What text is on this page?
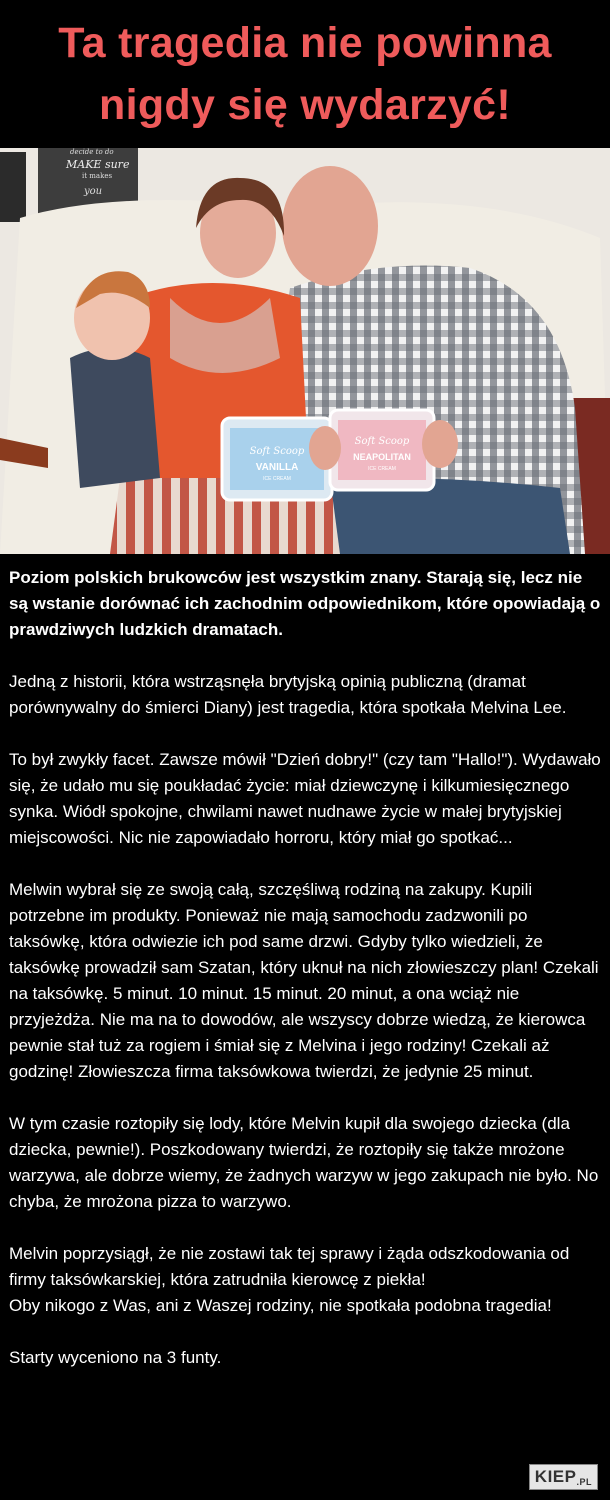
Ta tragedia nie powinna
nigdy się wydarzyć!
decide to do
MAKE sure
it makes
you
Soft Scoop
VANILLA
ICE CREAM
Soft Scoop
NEAPOLITAN
ICE CREAM

Poziom polskich brukowców jest wszystkim znany. Starają się, lecz nie są wstanie dorównać ich zachodnim odpowiednikom, które opowiadają o prawdziwych ludzkich dramatach.

Jedną z historii, która wstrząsnęła brytyjską opinią publiczną (dramat porównywalny do śmierci Diany) jest tragedia, która spotkała Melvina Lee.

To był zwykły facet. Zawsze mówił "Dzień dobry!" (czy tam "Hallo!"). Wydawało się, że udało mu się poukładać życie: miał dziewczynę i kilkumiesięcznego synka. Wiódł spokojne, chwilami nawet nudnawe życie w małej brytyjskiej miejscowości. Nic nie zapowiadało horroru, który miał go spotkać...

Melwin wybrał się ze swoją całą, szczęśliwą rodziną na zakupy. Kupili potrzebne im produkty. Ponieważ nie mają samochodu zadzwonili po taksówkę, która odwiezie ich pod same drzwi. Gdyby tylko wiedzieli, że taksówkę prowadził sam Szatan, który uknuł na nich złowieszczy plan! Czekali na taksówkę. 5 minut. 10 minut. 15 minut. 20 minut, a ona wciąż nie przyjeżdża. Nie ma na to dowodów, ale wszyscy dobrze wiedzą, że kierowca pewnie stał tuż za rogiem i śmiał się z Melvina i jego rodziny! Czekali aż godzinę! Złowieszcza firma taksówkowa twierdzi, że jedynie 25 minut.

W tym czasie roztopiły się lody, które Melvin kupił dla swojego dziecka (dla dziecka, pewnie!). Poszkodowany twierdzi, że roztopiły się także mrożone warzywa, ale dobrze wiemy, że żadnych warzyw w jego zakupach nie było. No chyba, że mrożona pizza to warzywo.

Melvin poprzysiągł, że nie zostawi tak tej sprawy i żąda odszkodowania od firmy taksówkarskiej, która zatrudniła kierowcę z piekła!
Oby nikogo z Was, ani z Waszej rodziny, nie spotkała podobna tragedia!

Starty wyceniono na 3 funty.

KIEP.PL
